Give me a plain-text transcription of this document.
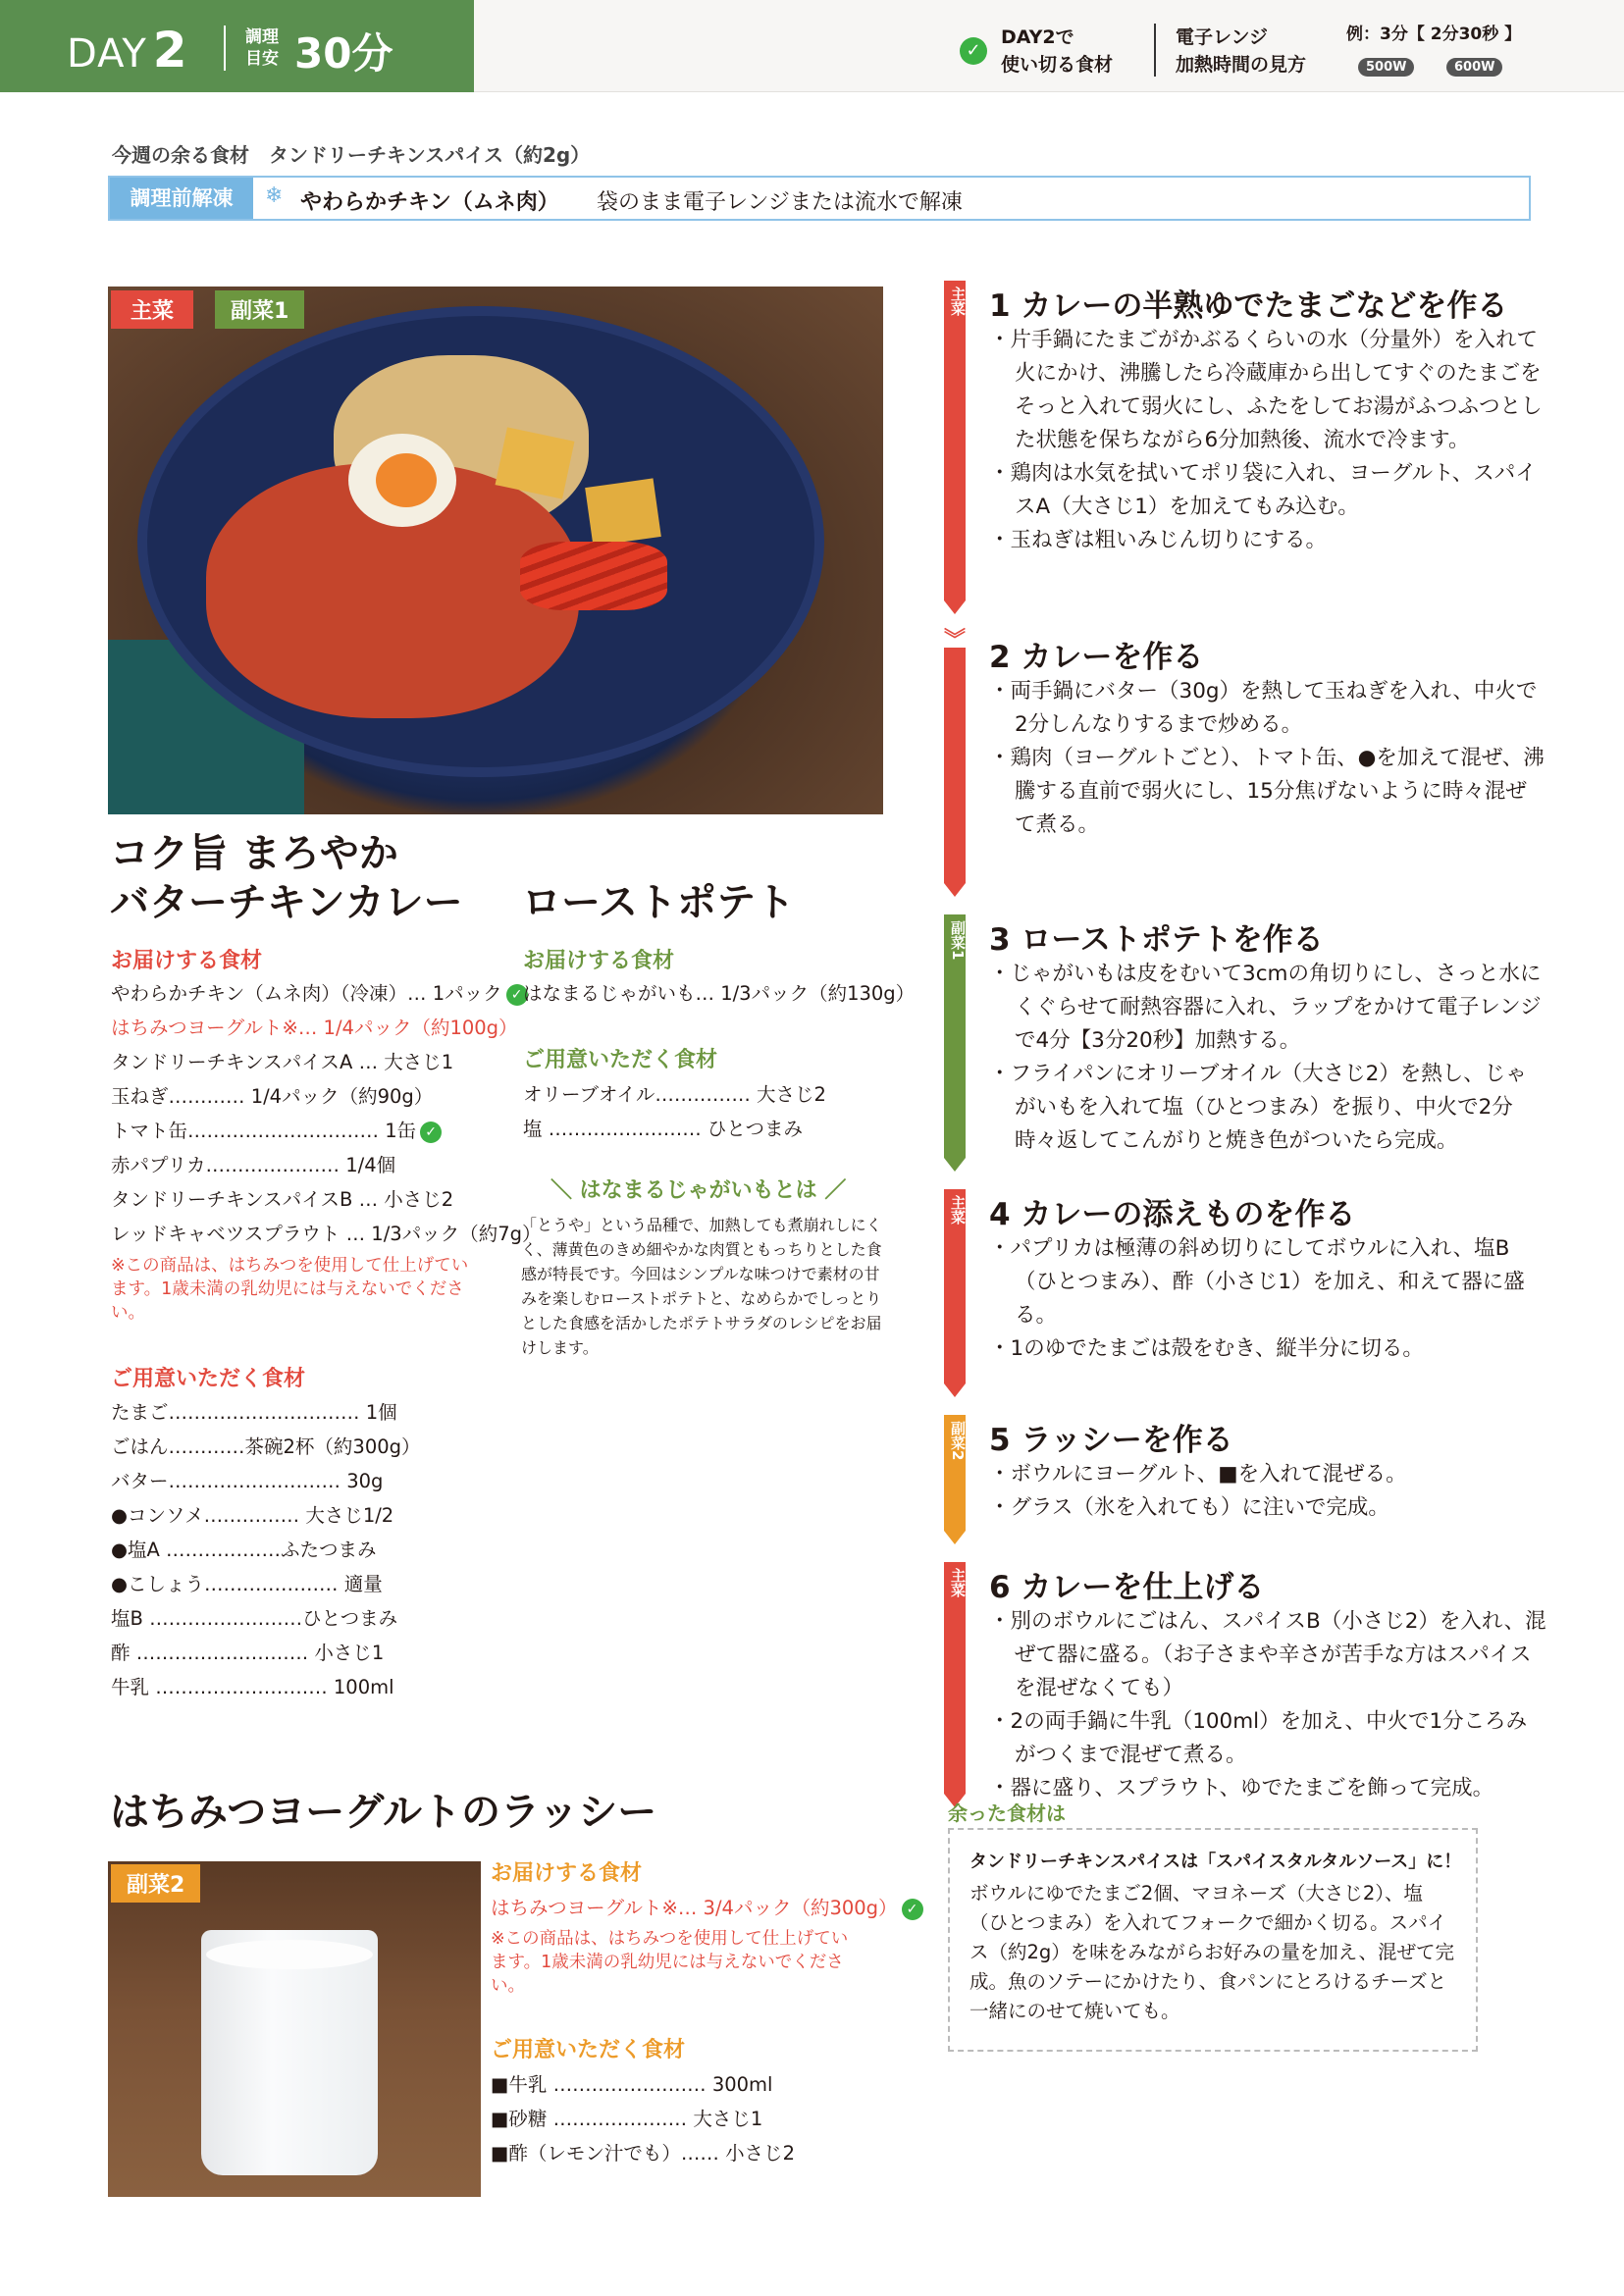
DAY 2	調理
目安 30分	✓
DAY2で
使い切る食材
電子レンジ
加熱時間の見方
例：3分【 2分30秒 】
500W	600W
今週の余る食材　タンドリーチキンスパイス（約2g）
調理前解凍	❄ やわらかチキン（ムネ肉） 袋のまま電子レンジまたは流水で解凍
主菜	副菜1
コク旨 まろやか
バターチキンカレー
お届けする食材
やわらかチキン（ムネ肉）（冷凍）… 1パック ✓
はちみつヨーグルト※… 1/4パック（約100g）
タンドリーチキンスパイスA … 大さじ1
玉ねぎ………… 1/4パック（約90g）
トマト缶………………………… 1缶 ✓
赤パプリカ………………… 1/4個
タンドリーチキンスパイスB … 小さじ2
レッドキャベツスプラウト … 1/3パック（約7g）
※この商品は、はちみつを使用して仕上げています。1歳未満の乳幼児には与えないでください。
ご用意いただく食材
たまご………………………… 1個
ごはん…………茶碗2杯（約300g）
バター……………………… 30g
●コンソメ…………… 大さじ1/2
●塩A ………………ふたつまみ
●こしょう………………… 適量
塩B ……………………ひとつまみ
酢 ……………………… 小さじ1
牛乳 ……………………… 100ml
ローストポテト
お届けする食材
はなまるじゃがいも… 1/3パック（約130g）
ご用意いただく食材
オリーブオイル…………… 大さじ2
塩 …………………… ひとつまみ
＼ はなまるじゃがいもとは ／
「とうや」という品種で、加熱しても煮崩れしにくく、薄黄色のきめ細やかな肉質ともっちりとした食感が特長です。今回はシンプルな味つけで素材の甘みを楽しむローストポテトと、なめらかでしっとりとした食感を活かしたポテトサラダのレシピをお届けします。
はちみつヨーグルトのラッシー
副菜2	お届けする食材
はちみつヨーグルト※… 3/4パック（約300g） ✓
※この商品は、はちみつを使用して仕上げています。1歳未満の乳幼児には与えないでください。
ご用意いただく食材
■牛乳 …………………… 300ml
■砂糖 ………………… 大さじ1
■酢（レモン汁でも）…… 小さじ2
主菜 1 カレーの半熟ゆでたまごなどを作る
・片手鍋にたまごがかぶるくらいの水（分量外）を入れて火にかけ、沸騰したら冷蔵庫から出してすぐのたまごをそっと入れて弱火にし、ふたをしてお湯がふつふつとした状態を保ちながら6分加熱後、流水で冷ます。
・鶏肉は水気を拭いてポリ袋に入れ、ヨーグルト、スパイスA（大さじ1）を加えてもみ込む。
・玉ねぎは粗いみじん切りにする。
︾ 2 カレーを作る
・両手鍋にバター（30g）を熱して玉ねぎを入れ、中火で2分しんなりするまで炒める。
・鶏肉（ヨーグルトごと）、トマト缶、●を加えて混ぜ、沸騰する直前で弱火にし、15分焦げないように時々混ぜて煮る。
副菜1 3 ローストポテトを作る
・じゃがいもは皮をむいて3cmの角切りにし、さっと水にくぐらせて耐熱容器に入れ、ラップをかけて電子レンジで4分【3分20秒】加熱する。
・フライパンにオリーブオイル（大さじ2）を熱し、じゃがいもを入れて塩（ひとつまみ）を振り、中火で2分時々返してこんがりと焼き色がついたら完成。
主菜 4 カレーの添えものを作る
・パプリカは極薄の斜め切りにしてボウルに入れ、塩B（ひとつまみ）、酢（小さじ1）を加え、和えて器に盛る。
・1のゆでたまごは殻をむき、縦半分に切る。
副菜2 5 ラッシーを作る
・ボウルにヨーグルト、■を入れて混ぜる。
・グラス（氷を入れても）に注いで完成。
主菜 6 カレーを仕上げる
・別のボウルにごはん、スパイスB（小さじ2）を入れ、混ぜて器に盛る。（お子さまや辛さが苦手な方はスパイスを混ぜなくても）
・2の両手鍋に牛乳（100ml）を加え、中火で1分ころみがつくまで混ぜて煮る。
・器に盛り、スプラウト、ゆでたまごを飾って完成。
余った食材は
タンドリーチキンスパイスは「スパイスタルタルソース」に！
ボウルにゆでたまご2個、マヨネーズ（大さじ2）、塩（ひとつまみ）を入れてフォークで細かく切る。スパイス（約2g）を味をみながらお好みの量を加え、混ぜて完成。魚のソテーにかけたり、食パンにとろけるチーズと一緒にのせて焼いても。
